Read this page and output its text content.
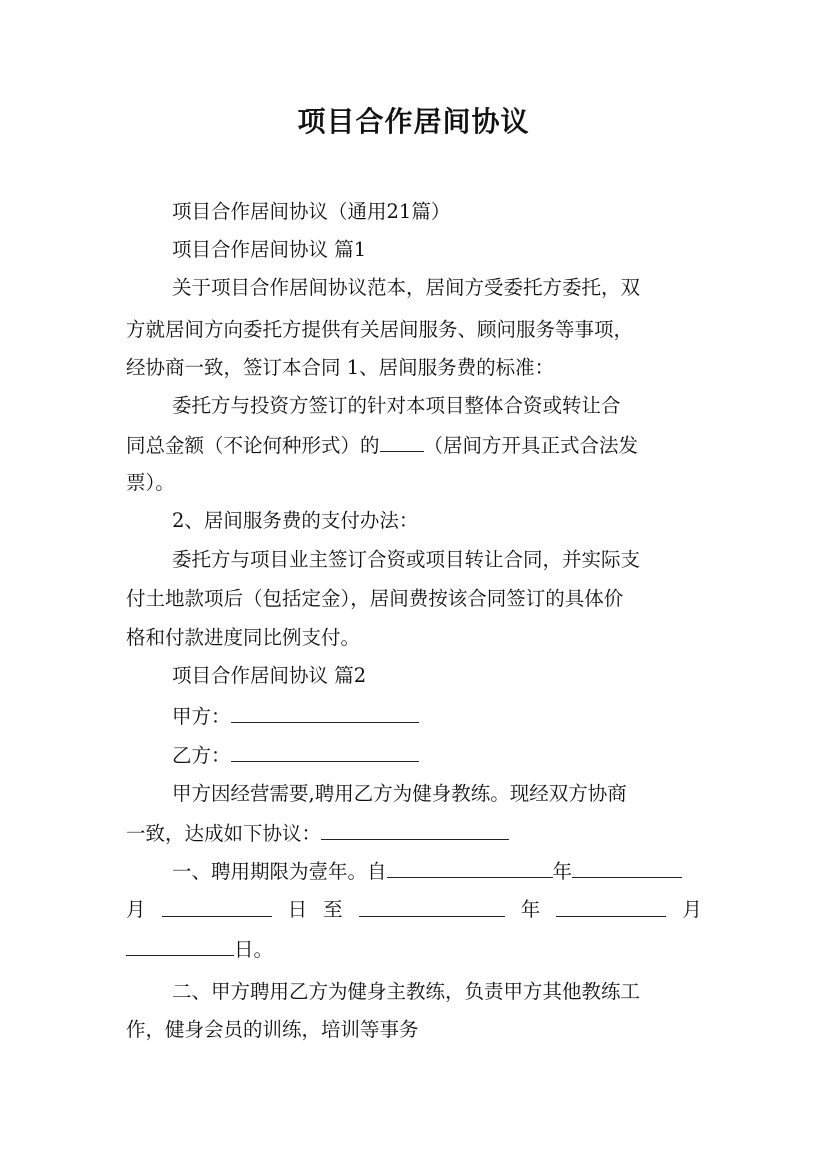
项目合作居间协议
项目合作居间协议（通用21篇）
项目合作居间协议 篇1
关于项目合作居间协议范本，居间方受委托方委托，双
方就居间方向委托方提供有关居间服务、顾问服务等事项，
经协商一致，签订本合同 1、居间服务费的标准：
委托方与投资方签订的针对本项目整体合资或转让合
同总金额（不论何种形式）的 （居间方开具正式合法发
票）。
2、居间服务费的支付办法：
委托方与项目业主签订合资或项目转让合同，并实际支
付土地款项后（包括定金），居间费按该合同签订的具体价
格和付款进度同比例支付。
项目合作居间协议 篇2
甲方：
乙方：
甲方因经营需要,聘用乙方为健身教练。现经双方协商
一致，达成如下协议：
一、聘用期限为壹年。自	年
月	日 至	年	月
日。
二、甲方聘用乙方为健身主教练，负责甲方其他教练工
作，健身会员的训练，培训等事务
